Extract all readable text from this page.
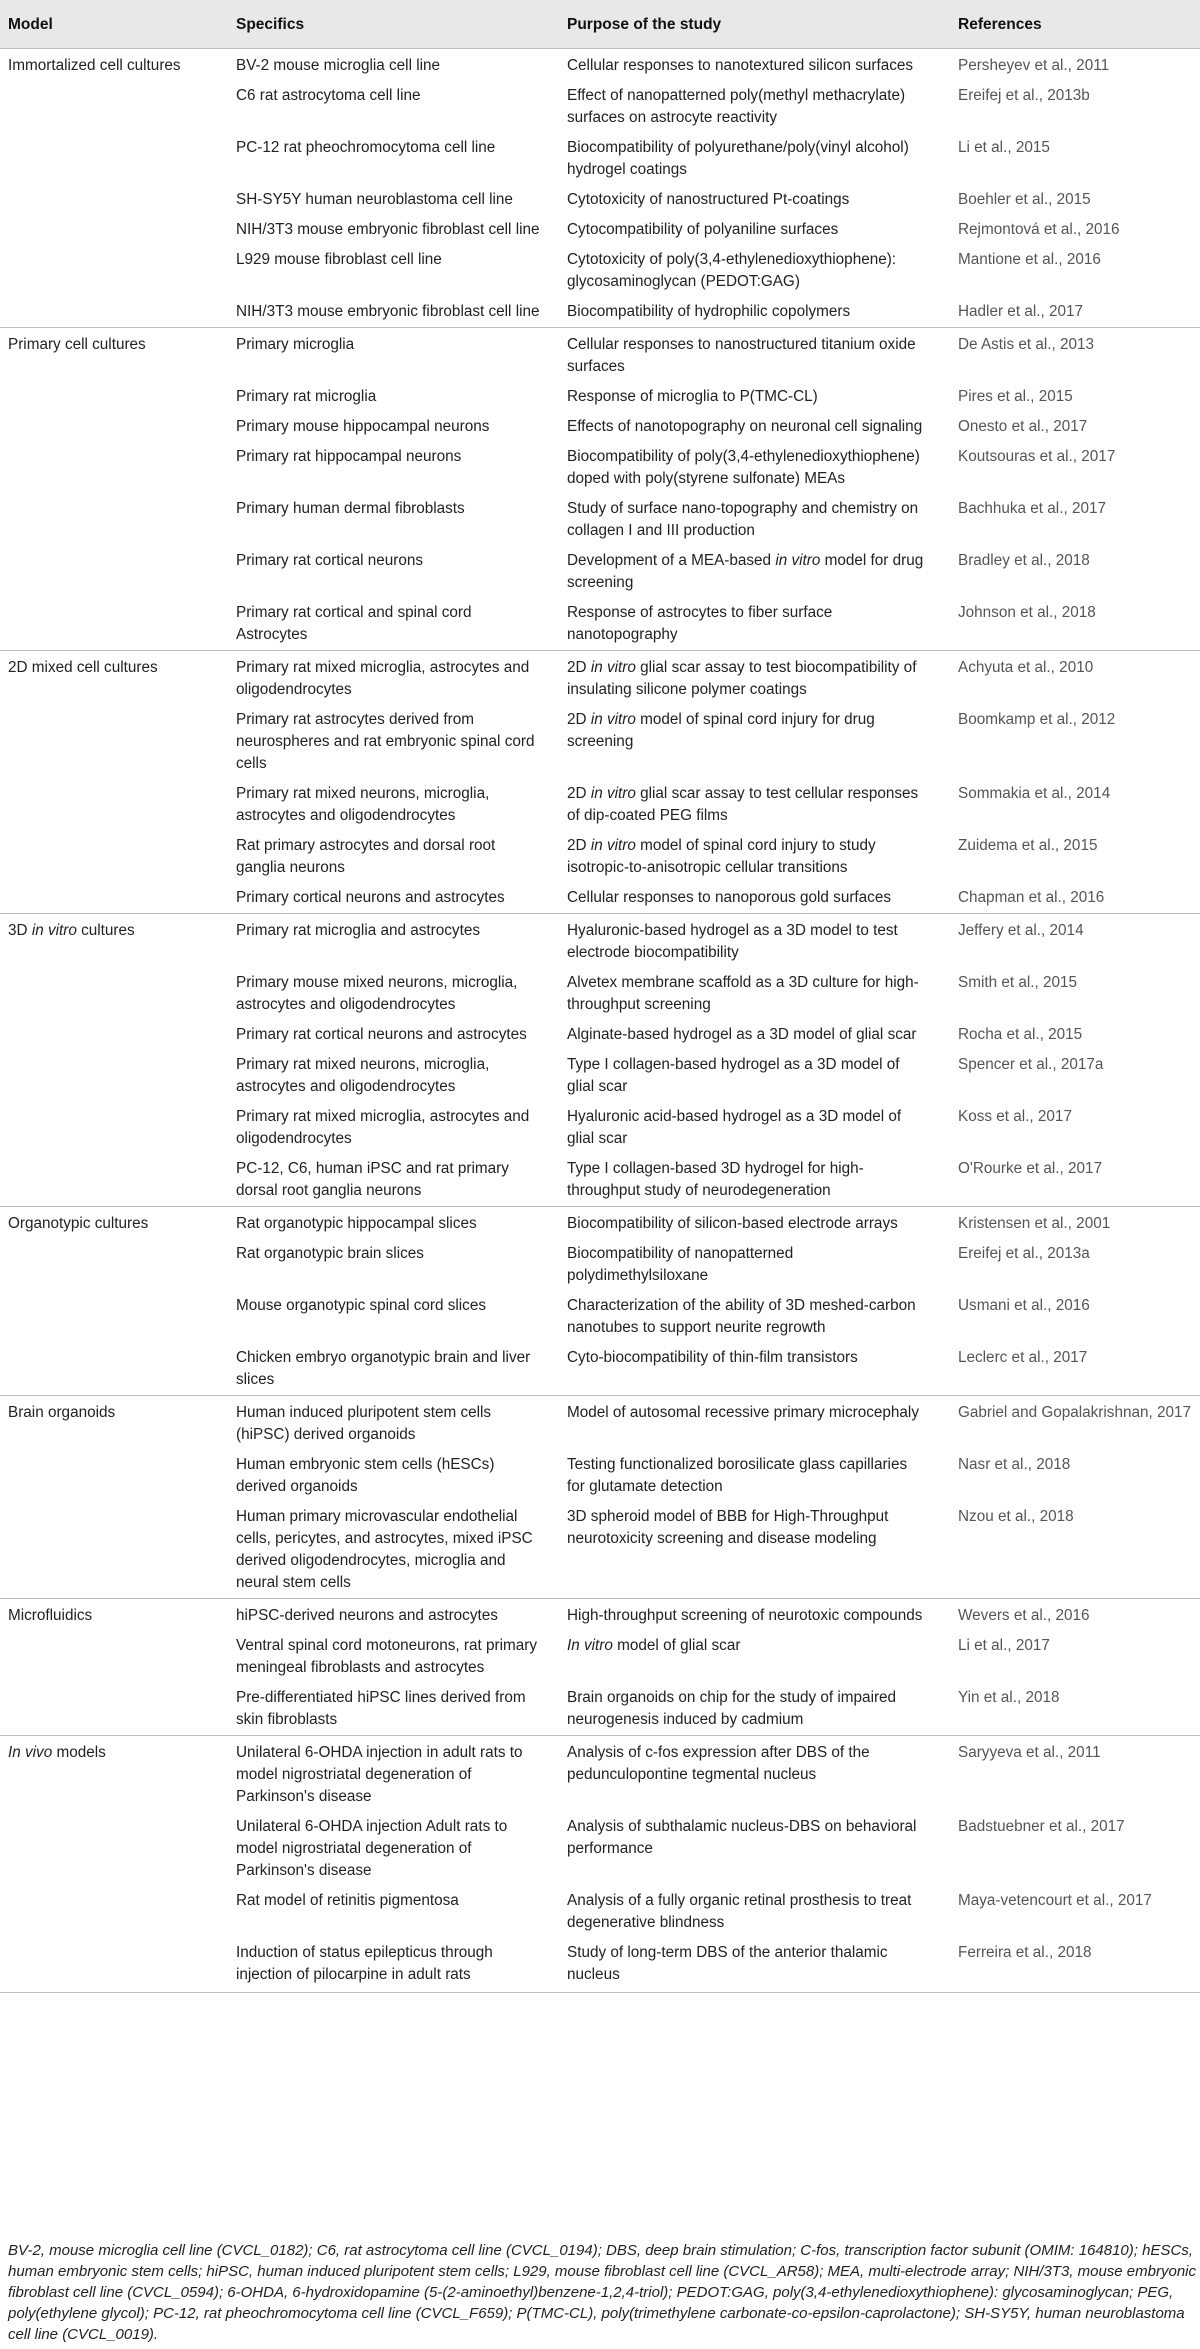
Model	Specifics	Purpose of the study	References
Immortalized cell cultures	BV-2 mouse microglia cell line	Cellular responses to nanotextured silicon surfaces	Persheyev et al., 2011
	C6 rat astrocytoma cell line	Effect of nanopatterned poly(methyl methacrylate) surfaces on astrocyte reactivity	Ereifej et al., 2013b
	PC-12 rat pheochromocytoma cell line	Biocompatibility of polyurethane/poly(vinyl alcohol) hydrogel coatings	Li et al., 2015
	SH-SY5Y human neuroblastoma cell line	Cytotoxicity of nanostructured Pt-coatings	Boehler et al., 2015
	NIH/3T3 mouse embryonic fibroblast cell line	Cytocompatibility of polyaniline surfaces	Rejmontová et al., 2016
	L929 mouse fibroblast cell line	Cytotoxicity of poly(3,4-ethylenedioxythiophene): glycosaminoglycan (PEDOT:GAG)	Mantione et al., 2016
	NIH/3T3 mouse embryonic fibroblast cell line	Biocompatibility of hydrophilic copolymers	Hadler et al., 2017
Primary cell cultures	Primary microglia	Cellular responses to nanostructured titanium oxide surfaces	De Astis et al., 2013
	Primary rat microglia	Response of microglia to P(TMC-CL)	Pires et al., 2015
	Primary mouse hippocampal neurons	Effects of nanotopography on neuronal cell signaling	Onesto et al., 2017
	Primary rat hippocampal neurons	Biocompatibility of poly(3,4-ethylenedioxythiophene) doped with poly(styrene sulfonate) MEAs	Koutsouras et al., 2017
	Primary human dermal fibroblasts	Study of surface nano-topography and chemistry on collagen I and III production	Bachhuka et al., 2017
	Primary rat cortical neurons	Development of a MEA-based in vitro model for drug screening	Bradley et al., 2018
	Primary rat cortical and spinal cord Astrocytes	Response of astrocytes to fiber surface nanotopography	Johnson et al., 2018
2D mixed cell cultures	Primary rat mixed microglia, astrocytes and oligodendrocytes	2D in vitro glial scar assay to test biocompatibility of insulating silicone polymer coatings	Achyuta et al., 2010
	Primary rat astrocytes derived from neurospheres and rat embryonic spinal cord cells	2D in vitro model of spinal cord injury for drug screening	Boomkamp et al., 2012
	Primary rat mixed neurons, microglia, astrocytes and oligodendrocytes	2D in vitro glial scar assay to test cellular responses of dip-coated PEG films	Sommakia et al., 2014
	Rat primary astrocytes and dorsal root ganglia neurons	2D in vitro model of spinal cord injury to study isotropic-to-anisotropic cellular transitions	Zuidema et al., 2015
	Primary cortical neurons and astrocytes	Cellular responses to nanoporous gold surfaces	Chapman et al., 2016
3D in vitro cultures	Primary rat microglia and astrocytes	Hyaluronic-based hydrogel as a 3D model to test electrode biocompatibility	Jeffery et al., 2014
	Primary mouse mixed neurons, microglia, astrocytes and oligodendrocytes	Alvetex membrane scaffold as a 3D culture for high-throughput screening	Smith et al., 2015
	Primary rat cortical neurons and astrocytes	Alginate-based hydrogel as a 3D model of glial scar	Rocha et al., 2015
	Primary rat mixed neurons, microglia, astrocytes and oligodendrocytes	Type I collagen-based hydrogel as a 3D model of glial scar	Spencer et al., 2017a
	Primary rat mixed microglia, astrocytes and oligodendrocytes	Hyaluronic acid-based hydrogel as a 3D model of glial scar	Koss et al., 2017
	PC-12, C6, human iPSC and rat primary dorsal root ganglia neurons	Type I collagen-based 3D hydrogel for high-throughput study of neurodegeneration	O'Rourke et al., 2017
Organotypic cultures	Rat organotypic hippocampal slices	Biocompatibility of silicon-based electrode arrays	Kristensen et al., 2001
	Rat organotypic brain slices	Biocompatibility of nanopatterned polydimethylsiloxane	Ereifej et al., 2013a
	Mouse organotypic spinal cord slices	Characterization of the ability of 3D meshed-carbon nanotubes to support neurite regrowth	Usmani et al., 2016
	Chicken embryo organotypic brain and liver slices	Cyto-biocompatibility of thin-film transistors	Leclerc et al., 2017
Brain organoids	Human induced pluripotent stem cells (hiPSC) derived organoids	Model of autosomal recessive primary microcephaly	Gabriel and Gopalakrishnan, 2017
	Human embryonic stem cells (hESCs) derived organoids	Testing functionalized borosilicate glass capillaries for glutamate detection	Nasr et al., 2018
	Human primary microvascular endothelial cells, pericytes, and astrocytes, mixed iPSC derived oligodendrocytes, microglia and neural stem cells	3D spheroid model of BBB for High-Throughput neurotoxicity screening and disease modeling	Nzou et al., 2018
Microfluidics	hiPSC-derived neurons and astrocytes	High-throughput screening of neurotoxic compounds	Wevers et al., 2016
	Ventral spinal cord motoneurons, rat primary meningeal fibroblasts and astrocytes	In vitro model of glial scar	Li et al., 2017
	Pre-differentiated hiPSC lines derived from skin fibroblasts	Brain organoids on chip for the study of impaired neurogenesis induced by cadmium	Yin et al., 2018
In vivo models	Unilateral 6-OHDA injection in adult rats to model nigrostriatal degeneration of Parkinson's disease	Analysis of c-fos expression after DBS of the pedunculopontine tegmental nucleus	Saryyeva et al., 2011
	Unilateral 6-OHDA injection Adult rats to model nigrostriatal degeneration of Parkinson's disease	Analysis of subthalamic nucleus-DBS on behavioral performance	Badstuebner et al., 2017
	Rat model of retinitis pigmentosa	Analysis of a fully organic retinal prosthesis to treat degenerative blindness	Maya-vetencourt et al., 2017
	Induction of status epilepticus through injection of pilocarpine in adult rats	Study of long-term DBS of the anterior thalamic nucleus	Ferreira et al., 2018
BV-2, mouse microglia cell line (CVCL_0182); C6, rat astrocytoma cell line (CVCL_0194); DBS, deep brain stimulation; C-fos, transcription factor subunit (OMIM: 164810); hESCs, human embryonic stem cells; hiPSC, human induced pluripotent stem cells; L929, mouse fibroblast cell line (CVCL_AR58); MEA, multi-electrode array; NIH/3T3, mouse embryonic fibroblast cell line (CVCL_0594); 6-OHDA, 6-hydroxidopamine (5-(2-aminoethyl)benzene-1,2,4-triol); PEDOT:GAG, poly(3,4-ethylenedioxythiophene): glycosaminoglycan; PEG, poly(ethylene glycol); PC-12, rat pheochromocytoma cell line (CVCL_F659); P(TMC-CL), poly(trimethylene carbonate-co-epsilon-caprolactone); SH-SY5Y, human neuroblastoma cell line (CVCL_0019).
